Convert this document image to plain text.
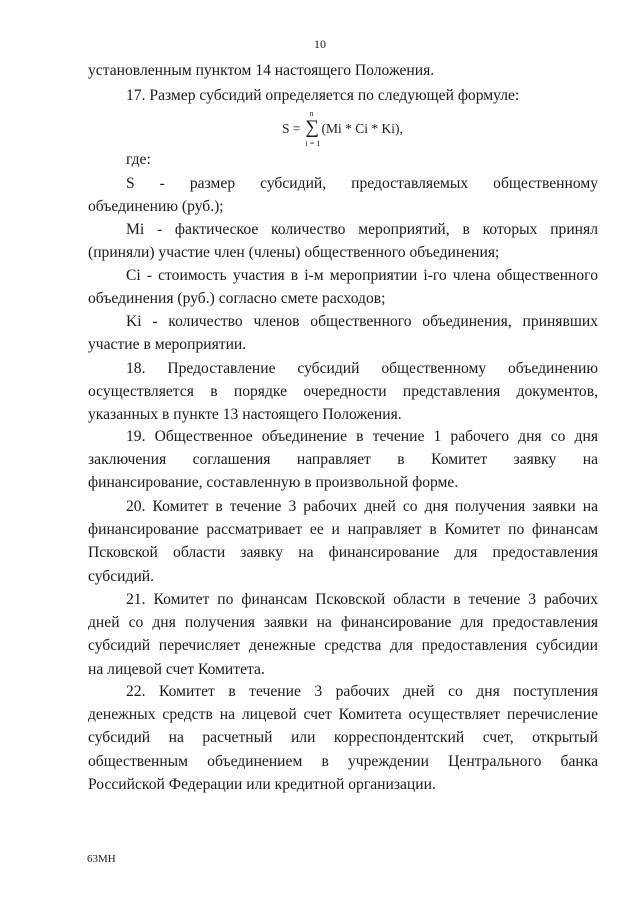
10
установленным пунктом 14 настоящего Положения.
17. Размер субсидий определяется по следующей формуле:
S =
n
∑
i = 1
(Mi * Ci * Ki),
где:
S - размер субсидий, предоставляемых общественному
объединению (руб.);
Mi - фактическое количество мероприятий, в которых принял
(приняли) участие член (члены) общественного объединения;
Ci - стоимость участия в i-м мероприятии i-го члена общественного
объединения (руб.) согласно смете расходов;
Ki - количество членов общественного объединения, принявших
участие в мероприятии.
18. Предоставление субсидий общественному объединению
осуществляется в порядке очередности представления документов,
указанных в пункте 13 настоящего Положения.
19. Общественное объединение в течение 1 рабочего дня со дня
заключения соглашения направляет в Комитет заявку на
финансирование, составленную в произвольной форме.
20. Комитет в течение 3 рабочих дней со дня получения заявки на
финансирование рассматривает ее и направляет в Комитет по финансам
Псковской области заявку на финансирование для предоставления
субсидий.
21. Комитет по финансам Псковской области в течение 3 рабочих
дней со дня получения заявки на финансирование для предоставления
субсидий перечисляет денежные средства для предоставления субсидии
на лицевой счет Комитета.
22. Комитет в течение 3 рабочих дней со дня поступления
денежных средств на лицевой счет Комитета осуществляет перечисление
субсидий на расчетный или корреспондентский счет, открытый
общественным объединением в учреждении Центрального банка
Российской Федерации или кредитной организации.
63МН
